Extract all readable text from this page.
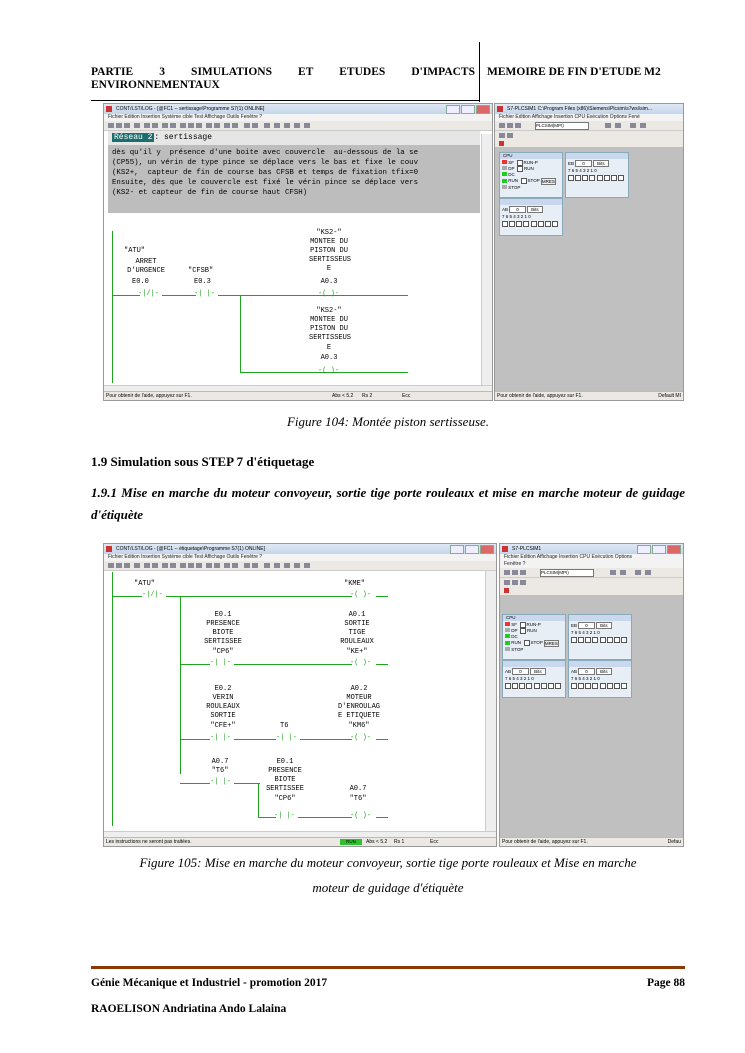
PARTIE 3 SIMULATIONS ET ETUDES D'IMPACTS
ENVIRONNEMENTAUX
MEMOIRE DE FIN D'ETUDE M2
CONT/LST/LOG - [@FC1 -- sertissage\Programme S7(1) ONLINE]
Fichier Edition Insertion Système cible Test Affichage Outils Fenêtre ?
Réseau 2 : sertissage
dès qu'il y  présence d'une boite avec couvercle  au-dessous de la se
(CP55), un vérin de type pince se déplace vers le bas et fixe le couv
(KS2+,  capteur de fin de course bas CFSB et temps de fixation tfix=0
Ensuite, dès que le couvercle est fixé le vérin pince se déplace vers
(KS2- et capteur de fin de course haut CFSH)
"ATU"
ARRET
D'URGENCE
E0.0
"CFSB"
E0.3
-|/|-	-| |-
"KS2-"
MONTEE DU
PISTON DU
SERTISSEUS
E
A0.3
-( )-
"KS2-"
MONTEE DU
PISTON DU
SERTISSEUS
E
A0.3
-( )-
Pour obtenir de l'aide, appuyez sur F1.	Abs < 5.2 Rs 2	Ecc
S7-PLCSIM1 C:\Program Files (x86)\Siemens\Plcsim\s7wsi\sim...
Fichier Edition Affichage Insertion CPU Exécution Options Fené
PLCSIM(MPI)
CPU
SF RUN-P
DP RUN
DC
RUN STOP MRES
STOP
EB 0	Bits
7 6 5 4 3 2 1 0

AB 0	Bits
7 6 5 4 3 2 1 0

Pour obtenir de l'aide, appuyez sur F1.	Default MI
Figure 104: Montée piston sertisseuse.
1.9 Simulation sous STEP 7 d'étiquetage
1.9.1 Mise en marche du moteur convoyeur, sortie tige porte rouleaux et mise en marche moteur de guidage d'étiquète
CONT/LST/LOG - [@FC1 -- étiquetage\Programme S7(1) ONLINE]
Fichier Edition Insertion Système cible Test Affichage Outils Fenêtre ?
"ATU"	"KME"
-|/|-	-( )-
E0.1
PRESENCE
BIOTE
SERTISSEE
"CP6"
-| |-
A0.1
SORTIE
TIGE
ROULEAUX
"KE+"
-( )-
E0.2
VERIN
ROULEAUX
SORTIE
"CFE+"	T6
A0.2
MOTEUR
D'ENROULAG
E ETIQUETE
"KM6"
-| |-	-| |-	-( )-
A0.7
"T6"
-| |-
E0.1
PRESENCE
BIOTE
SERTISSEE
"CP6"
A0.7
"T6"
-| |-	-( )-
Les instructions ne seront pas traitées.	RUN	Abs < 5.2 Rs 1	Ecc
S7-PLCSIM1
Fichier Edition Affichage Insertion CPU Exécution Options
Fenêtre ?
PLCSIM(MPI)
CPU
SF RUN-P
DP RUN
DC
RUN STOP MRES
STOP
EB 0	Bits
7 6 5 4 3 2 1 0

AB 0	Bits
7 6 5 4 3 2 1 0

AB 0	Bits
7 6 5 4 3 2 1 0

Pour obtenir de l'aide, appuyez sur F1.	Defau
Figure 105: Mise en marche du moteur convoyeur, sortie tige porte rouleaux et Mise en marche
moteur de guidage d'étiquète
Génie Mécanique et Industriel - promotion 2017	Page 88
RAOELISON Andriatina Ando Lalaina
